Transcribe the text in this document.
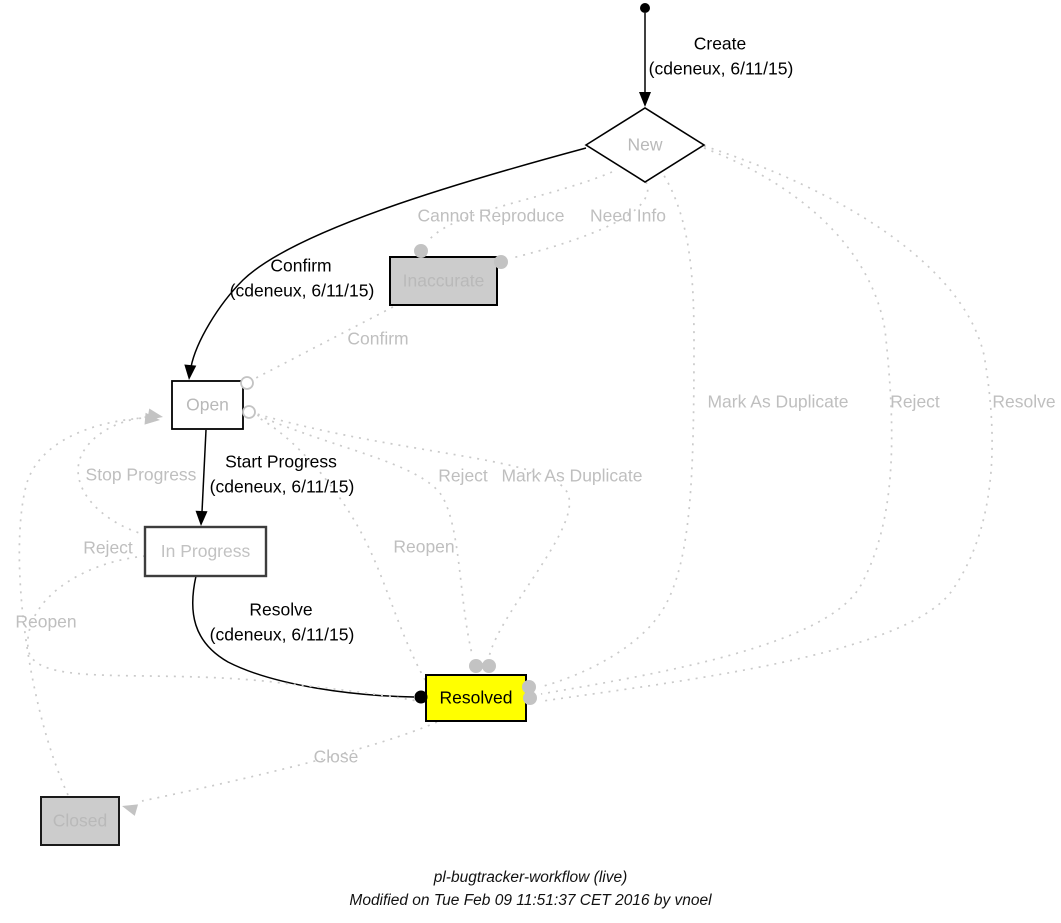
New
Inaccurate
Open
In Progress
Resolved
Closed
Create
(cdeneux, 6/11/15)
Confirm
(cdeneux, 6/11/15)
Start Progress
(cdeneux, 6/11/15)
Resolve
(cdeneux, 6/11/15)
Cannot Reproduce Need Info
Confirm
Mark As Duplicate Reject	Resolve
Reject Mark As Duplicate
Stop Progress
Reopen
Reject	Reopen
Close
pl-bugtracker-workflow (live)
Modified on Tue Feb 09 11:51:37 CET 2016 by vnoel
